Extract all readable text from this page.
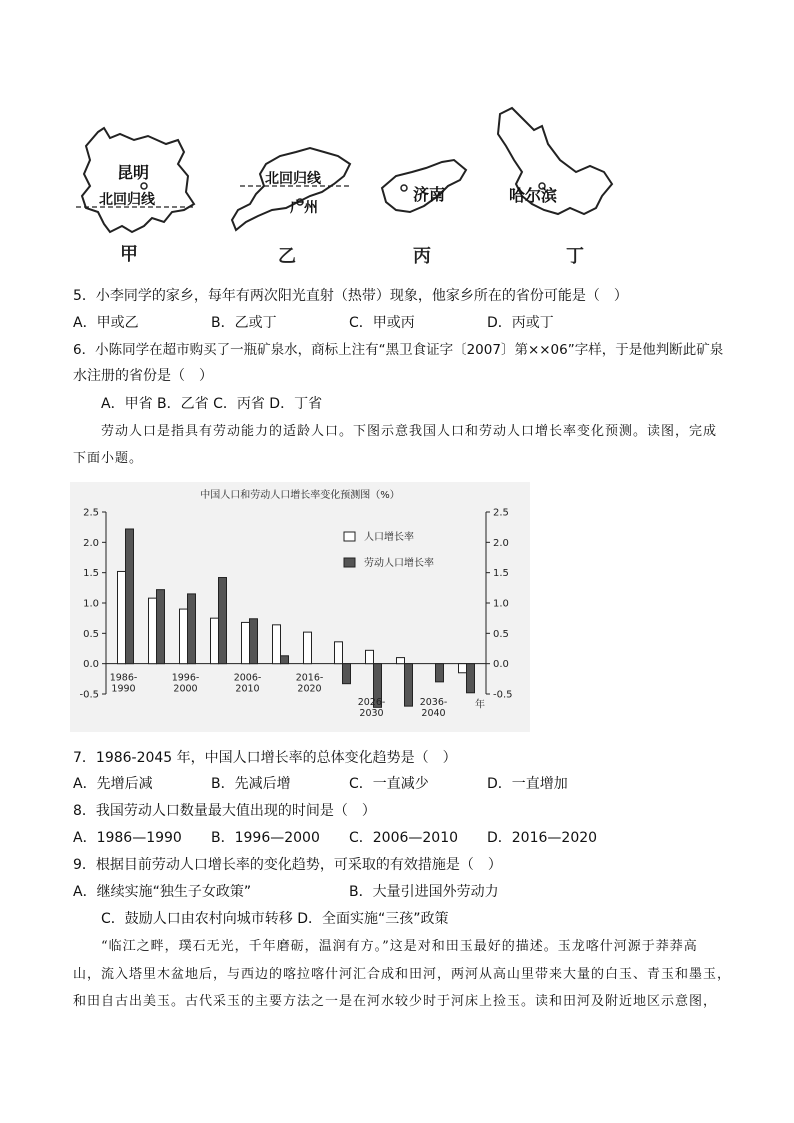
昆明
北回归线
甲
北回归线
广州
乙
济南
丙
哈尔滨
丁
5．小李同学的家乡，每年有两次阳光直射（热带）现象，他家乡所在的省份可能是（　）
A．甲或乙	B．乙或丁	C．甲或丙	D．丙或丁
6．小陈同学在超市购买了一瓶矿泉水，商标上注有“黑卫食证字〔2007〕第××06”字样，于是他判断此矿泉
水注册的省份是（　）
A．甲省 B．乙省 C．丙省 D．丁省
劳动人口是指具有劳动能力的适龄人口。下图示意我国人口和劳动人口增长率变化预测。读图，完成
下面小题。
中国人口和劳动人口增长率变化预测图（%）
2.5	2.5
2.0	2.0
1.5	1.5
1.0	1.0
0.5	0.5
0.0	0.0
-0.5	-0.5
1986-
1990
1996-
2000
2006-
2010
2016-
2020
2026-
2030
2036-
2040
年
人口增长率
劳动人口增长率
7．1986-2045 年，中国人口增长率的总体变化趋势是（　）
A．先增后减	B．先减后增	C．一直减少	D．一直增加
8．我国劳动人口数量最大值出现的时间是（　）
A．1986—1990 B．1996—2000 C．2006—2010 D．2016—2020
9．根据目前劳动人口增长率的变化趋势，可采取的有效措施是（　）
A．继续实施“独生子女政策”	B．大量引进国外劳动力
C．鼓励人口由农村向城市转移 D．全面实施“三孩”政策
“临江之畔，璞石无光，千年磨砺，温润有方。”这是对和田玉最好的描述。玉龙喀什河源于莽莽高
山，流入塔里木盆地后，与西边的喀拉喀什河汇合成和田河，两河从高山里带来大量的白玉、青玉和墨玉，
和田自古出美玉。古代采玉的主要方法之一是在河水较少时于河床上捡玉。读和田河及附近地区示意图，
